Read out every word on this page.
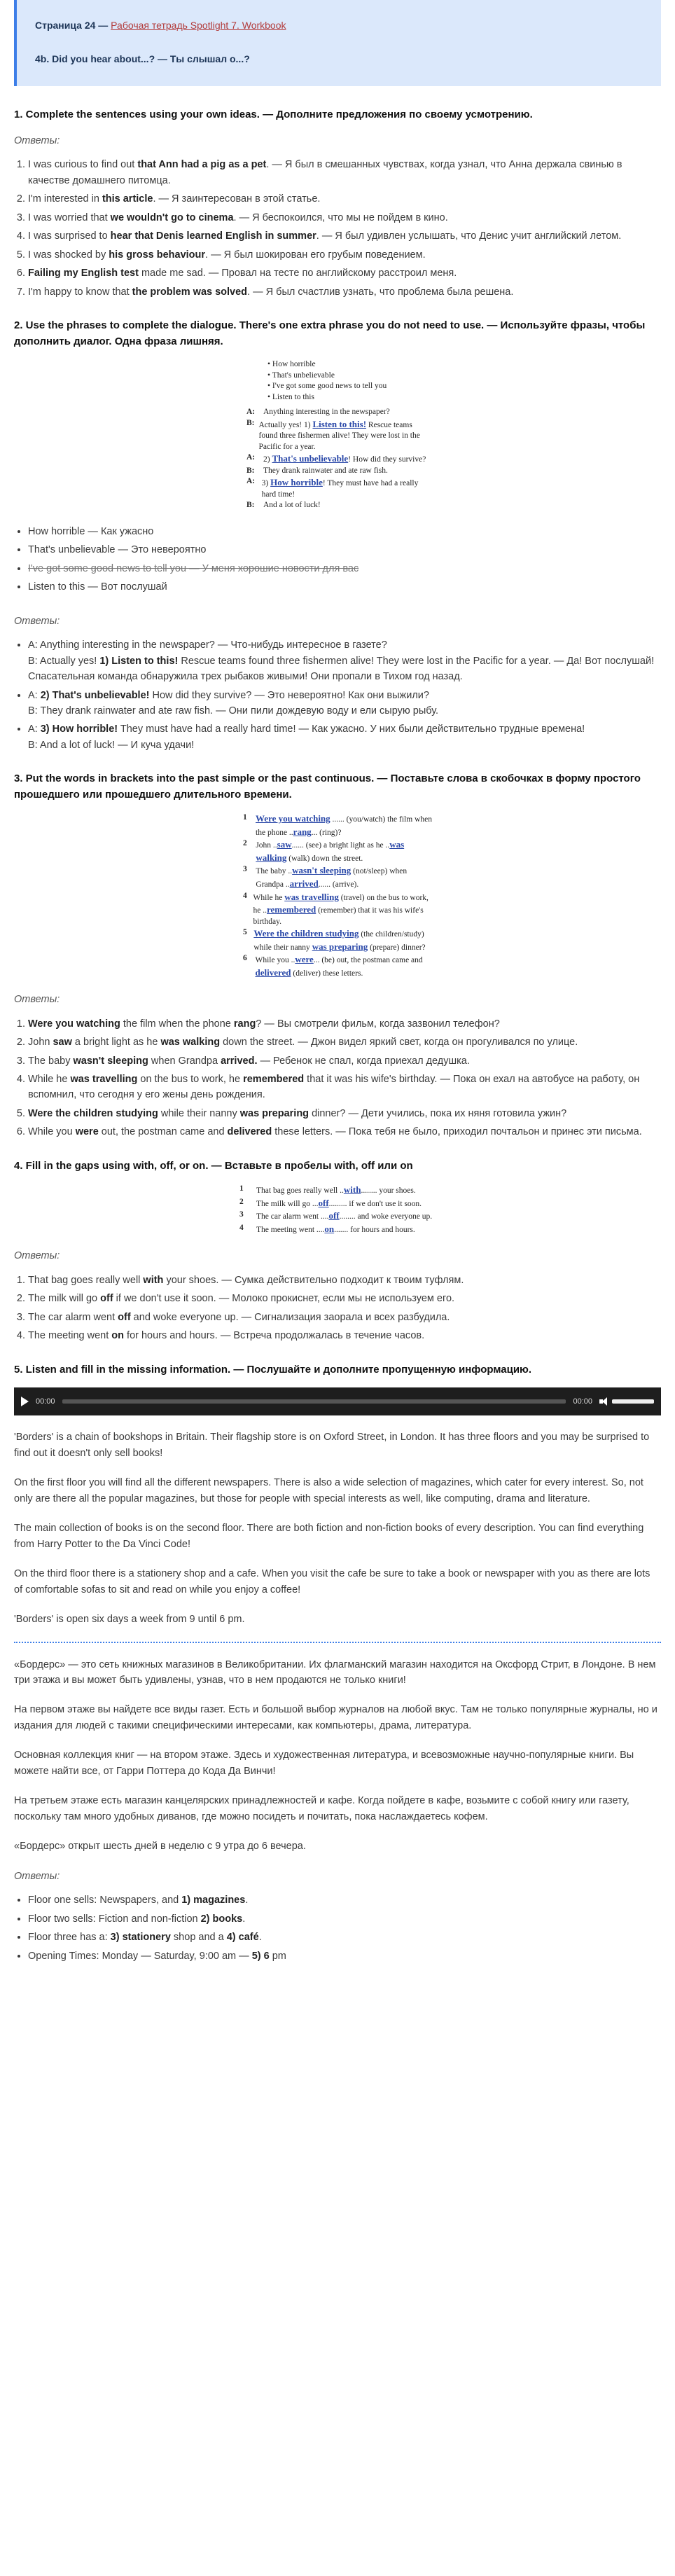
Страница 24 — Рабочая тетрадь Spotlight 7. Workbook
4b. Did you hear about...? — Ты слышал о...?
1. Complete the sentences using your own ideas. — Дополните предложения по своему усмотрению.
Ответы:
1. I was curious to find out that Ann had a pig as a pet. — Я был в смешанных чувствах, когда узнал, что Анна держала свинью в качестве домашнего питомца.
2. I'm interested in this article. — Я заинтересован в этой статье.
3. I was worried that we wouldn't go to cinema. — Я беспокоился, что мы не пойдем в кино.
4. I was surprised to hear that Denis learned English in summer. — Я был удивлен услышать, что Денис учит английский летом.
5. I was shocked by his gross behaviour. — Я был шокирован его грубым поведением.
6. Failing my English test made me sad. — Провал на тесте по английскому расстроил меня.
7. I'm happy to know that the problem was solved. — Я был счастлив узнать, что проблема была решена.
2. Use the phrases to complete the dialogue. There's one extra phrase you do not need to use. — Используйте фразы, чтобы дополнить диалог. Одна фраза лишняя.
• How horrible
• That's unbelievable
• I've got some good news to tell you
• Listen to this
A:	Anything interesting in the newspaper?
B: Actually yes! 1) Listen to this! Rescue teams found three fishermen alive! They were lost in the Pacific for a year.
A:	2) That's unbelievable! How did they survive?
B:	They drank rainwater and ate raw fish.
A: 3) How horrible! They must have had a really hard time!
B:	And a lot of luck!
• How horrible — Как ужасно
• That's unbelievable — Это невероятно
• I've got some good news to tell you — У меня хорошие новости для вас
• Listen to this — Вот послушай
Ответы:
• A: Anything interesting in the newspaper? — Что-нибудь интересное в газете?
B: Actually yes! 1) Listen to this! Rescue teams found three fishermen alive! They were lost in the Pacific for a year. — Да! Вот послушай! Спасательная команда обнаружила трех рыбаков живыми! Они пропали в Тихом год назад.
• A: 2) That's unbelievable! How did they survive? — Это невероятно! Как они выжили?
B: They drank rainwater and ate raw fish. — Они пили дождевую воду и ели сырую рыбу.
• A: 3) How horrible! They must have had a really hard time! — Как ужасно. У них были действительно трудные времена!
B: And a lot of luck! — И куча удачи!
3. Put the words in brackets into the past simple or the past continuous. — Поставьте слова в скобочках в форму простого прошедшего или прошедшего длительного времени.
1 Were you watching ...... (you/watch) the film when the phone ..rang... (ring)?
2	John ..saw...... (see) a bright light as he ..was walking (walk) down the street.
3	The baby ..wasn't sleeping (not/sleep) when Grandpa ..arrived...... (arrive).
4 While he was travelling (travel) on the bus to work, he ..remembered (remember) that it was his wife's birthday.
5 Were the children studying (the children/study) while their nanny was preparing (prepare) dinner?
6	While you ..were... (be) out, the postman came and delivered (deliver) these letters.
Ответы:
1. Were you watching the film when the phone rang? — Вы смотрели фильм, когда зазвонил телефон?
2. John saw a bright light as he was walking down the street. — Джон видел яркий свет, когда он прогуливался по улице.
3. The baby wasn't sleeping when Grandpa arrived. — Ребенок не спал, когда приехал дедушка.
4. While he was travelling on the bus to work, he remembered that it was his wife's birthday. — Пока он ехал на автобусе на работу, он вспомнил, что сегодня у его жены день рождения.
5. Were the children studying while their nanny was preparing dinner? — Дети учились, пока их няня готовила ужин?
6. While you were out, the postman came and delivered these letters. — Пока тебя не было, приходил почтальон и принес эти письма.
4. Fill in the gaps using with, off, or on. — Вставьте в пробелы with, off или on
1	That bag goes really well ..with........ your shoes.
2	The milk will go ...off......... if we don't use it soon.
3	The car alarm went ....off........ and woke everyone up.
4	The meeting went ....on....... for hours and hours.
Ответы:
1. That bag goes really well with your shoes. — Сумка действительно подходит к твоим туфлям.
2. The milk will go off if we don't use it soon. — Молоко прокиснет, если мы не используем его.
3. The car alarm went off and woke everyone up. — Сигнализация заорала и всех разбудила.
4. The meeting went on for hours and hours. — Встреча продолжалась в течение часов.
5. Listen and fill in the missing information. — Послушайте и дополните пропущенную информацию.
00:00	00:00

'Borders' is a chain of bookshops in Britain. Their flagship store is on Oxford Street, in London. It has three floors and you may be surprised to find out it doesn't only sell books!

On the first floor you will find all the different newspapers. There is also a wide selection of magazines, which cater for every interest. So, not only are there all the popular magazines, but those for people with special interests as well, like computing, drama and literature.

The main collection of books is on the second floor. There are both fiction and non-fiction books of every description. You can find everything from Harry Potter to the Da Vinci Code!

On the third floor there is a stationery shop and a cafe. When you visit the cafe be sure to take a book or newspaper with you as there are lots of comfortable sofas to sit and read on while you enjoy a coffee!

'Borders' is open six days a week from 9 until 6 pm.

«Бордерс» — это сеть книжных магазинов в Великобритании. Их флагманский магазин находится на Оксфорд Стрит, в Лондоне. В нем три этажа и вы может быть удивлены, узнав, что в нем продаются не только книги!

На первом этаже вы найдете все виды газет. Есть и большой выбор журналов на любой вкус. Там не только популярные журналы, но и издания для людей с такими специфическими интересами, как компьютеры, драма, литература.

Основная коллекция книг — на втором этаже. Здесь и художественная литература, и всевозможные научно-популярные книги. Вы можете найти все, от Гарри Поттера до Кода Да Винчи!

На третьем этаже есть магазин канцелярских принадлежностей и кафе. Когда пойдете в кафе, возьмите с собой книгу или газету, поскольку там много удобных диванов, где можно посидеть и почитать, пока наслаждаетесь кофем.

«Бордерс» открыт шесть дней в неделю с 9 утра до 6 вечера.

Ответы:
• Floor one sells: Newspapers, and 1) magazines.
• Floor two sells: Fiction and non-fiction 2) books.
• Floor three has a: 3) stationery shop and a 4) café.
• Opening Times: Monday — Saturday, 9:00 am — 5) 6 pm
